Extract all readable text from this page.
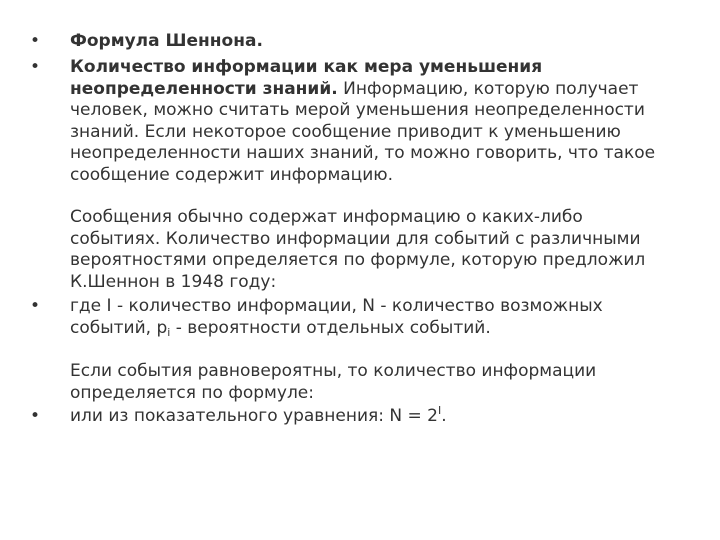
• Формула Шеннона.
• Количество информации как мера уменьшения
неопределенности знаний. Информацию, которую получает
человек, можно считать мерой уменьшения неопределенности
знаний. Если некоторое сообщение приводит к уменьшению
неопределенности наших знаний, то можно говорить, что такое
сообщение содержит информацию.
Сообщения обычно содержат информацию о каких-либо
событиях. Количество информации для событий с различными
вероятностями определяется по формуле, которую предложил
К.Шеннон в 1948 году:
• где I - количество информации, N - количество возможных
событий, $p_i$ - вероятности отдельных событий.
Если события равновероятны, то количество информации
определяется по формуле:
• или из показательного уравнения: $N = 2^I$.
